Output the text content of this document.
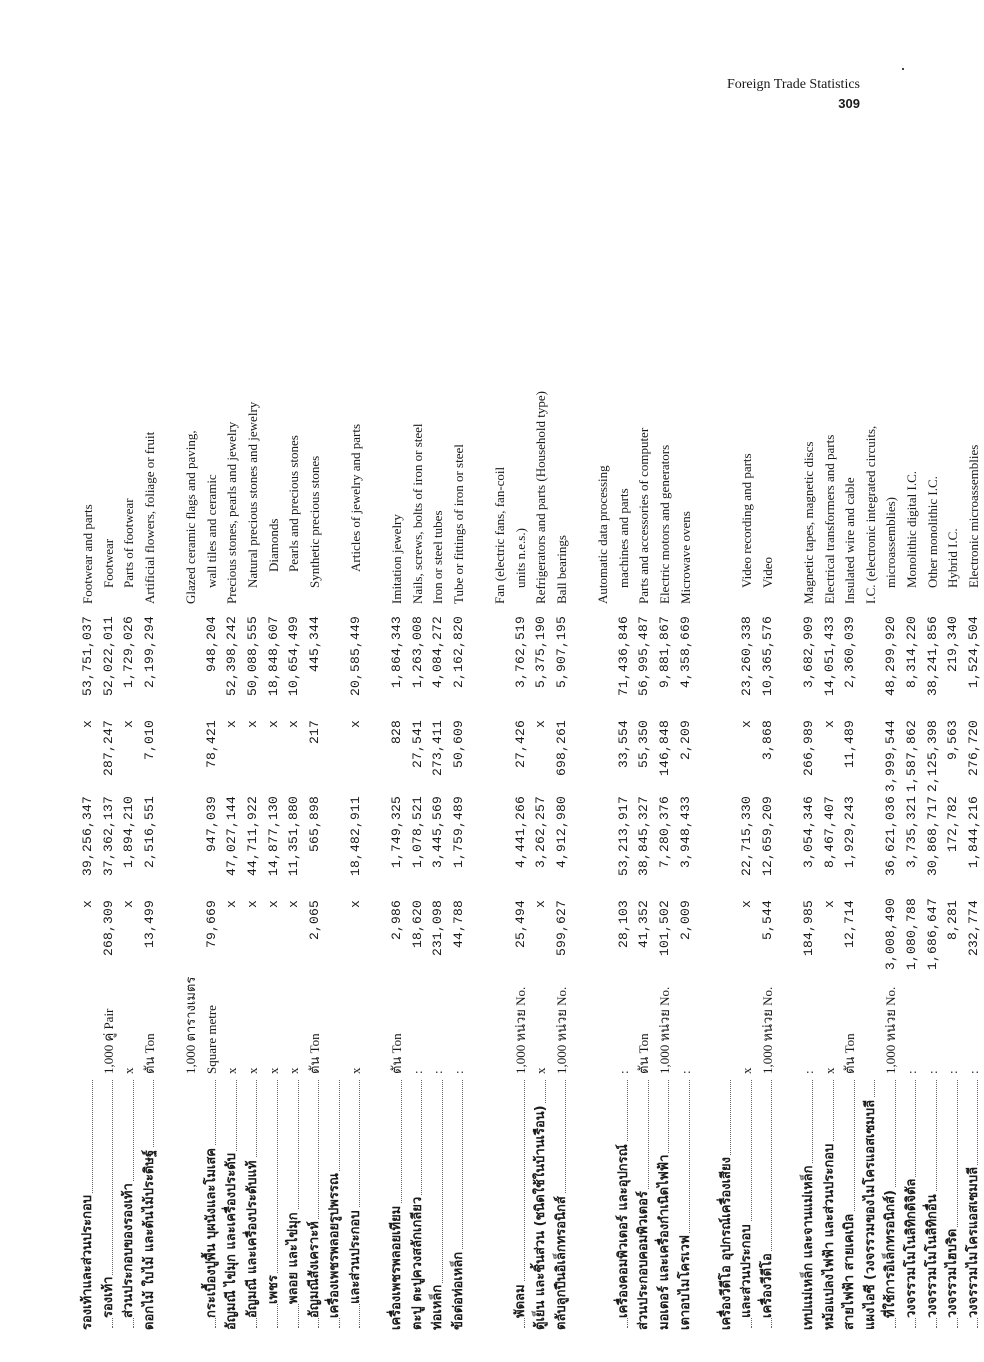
Foreign Trade Statistics
309
รองเท้าและส่วนประกอบ		x	39,256,347	x	53,751,037	Footwear and parts
รองเท้า	1,000 คู่ Pair	268,309	37,362,137	287,247	52,022,011	Footwear
ส่วนประกอบของรองเท้า	x	x	1,894,210	x	1,729,026	Parts of footwear
ดอกไม้ ใบไม้ และต้นไม้ประดิษฐ์	ตัน Ton	13,499	2,516,551	7,010	2,199,294	Artificial flowers, foliage or fruit

	1,000 ตารางเมตร					Glazed ceramic flags and paving,
กระเบื้องปูพื้น บุผนังและโมเสค	Square metre	79,669	947,039	78,421	948,204	wall tiles and ceramic
อัญมณี ไข่มุก และเครื่องประดับ	x	x	47,027,144	x	52,398,242	Precious stones, pearls and jewelry
อัญมณี และเครื่องประดับแท้	x	x	44,711,922	x	50,088,555	Natural precious stones and jewelry
เพชร	x	x	14,877,130	x	18,848,607	Diamonds
พลอย และไข่มุก	x	x	11,351,880	x	10,654,499	Pearls and precious stones
อัญมณีสังเคราะห์	ตัน Ton	2,065	565,898	217	445,344	Synthetic precious stones
เครื่องเพชรพลอยรูปพรรณ						
และส่วนประกอบ	x	x	18,482,911	x	20,585,449	Articles of jewelry and parts

เครื่องเพชรพลอยเทียม	ตัน Ton	2,986	1,749,325	828	1,864,343	Imitation jewelry
ตะปู ตะปูควงสลักเกลียว	:	18,620	1,078,521	27,541	1,263,008	Nails, screws, bolts of iron or steel
ท่อเหล็ก	:	231,098	3,445,569	273,411	4,084,272	Iron or steel tubes
ข้อต่อท่อเหล็ก	:	44,788	1,759,489	50,609	2,162,820	Tube or fittings of iron or steel

						Fan (electric fans, fan-coil
พัดลม	1,000 หน่วย No.	25,494	4,441,266	27,426	3,762,519	units n.e.s.)
ตู้เย็น และชิ้นส่วน (ชนิดใช้ในบ้านเรือน)	x	x	3,262,257	x	5,375,190	Refrigerators and parts (Household type)
ตลับลูกปืนอิเล็กทรอนิกส์	1,000 หน่วย No.	599,627	4,912,980	698,261	5,907,195	Ball bearings

						Automatic data processing
เครื่องคอมพิวเตอร์ และอุปกรณ์	:	28,103	53,213,917	33,554	71,436,846	machines and parts
ส่วนประกอบคอมพิวเตอร์	ตัน Ton	41,352	38,845,327	55,350	56,995,487	Parts and accessories of computer
มอเตอร์ และเครื่องกำเนิดไฟฟ้า	1,000 หน่วย No.	101,502	7,280,376	146,848	9,881,867	Electric motors and generators
เตาอบไมโครเวฟ	:	2,009	3,948,433	2,209	4,358,669	Microwave ovens

เครื่องวีดีโอ อุปกรณ์เครื่องเสียง						
และส่วนประกอบ	x	x	22,715,330	x	23,260,338	Video recording and parts
เครื่องวีดีโอ	1,000 หน่วย No.	5,544	12,659,209	3,868	10,365,576	Video

เทปแม่เหล็ก และจานแม่เหล็ก	:	184,985	3,054,346	266,989	3,682,909	Magnetic tapes, magnetic discs
หม้อแปลงไฟฟ้า และส่วนประกอบ	x	x	8,467,407	x	14,051,433	Electrical transformers and parts
สายไฟฟ้า สายเคเบิล	ตัน Ton	12,714	1,929,243	11,489	2,360,039	Insulated wire and cable
แผงไอซี (วงจรรวมของไมโครแอสเซมบลี						I.C. (electronic integrated circuits,
ที่ใช้การอิเล็กทรอนิกส์)	1,000 หน่วย No.	3,008,490	36,621,036	3,999,544	48,299,920	microassemblies)
วงจรรวมโมโนลิทิกดิจิตัล	:	1,080,788	3,735,321	1,587,862	8,314,220	Monolithic digital I.C.
วงจรรวมโมโนลิทิกอื่น	:	1,686,647	30,868,717	2,125,398	38,241,856	Other monolithic I.C.
วงจรรวมไฮบริด	:	8,281	172,782	9,563	219,340	Hybrid I.C.
วงจรรวมไมโครแอสเซมบลี	:	232,774	1,844,216	276,720	1,524,504	Electronic microassemblies
